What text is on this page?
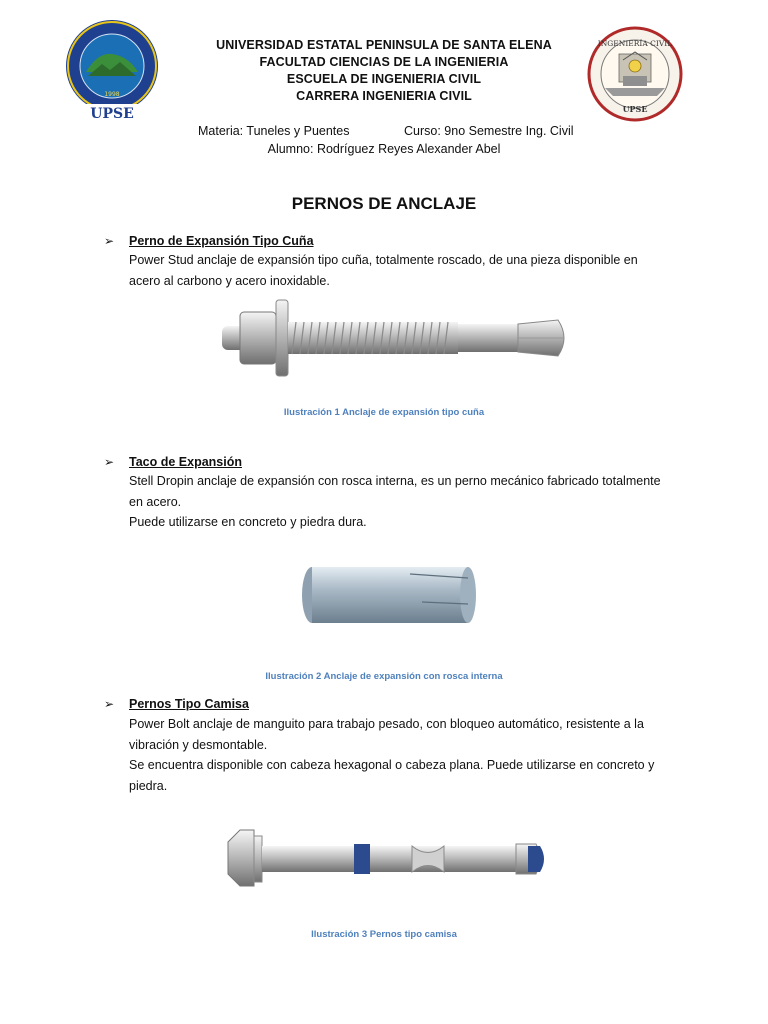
1998
UPSE
INGENIERÍA CIVIL
UPSE
UNIVERSIDAD ESTATAL PENINSULA DE SANTA ELENA
FACULTAD CIENCIAS DE LA INGENIERIA
ESCUELA DE INGENIERIA CIVIL
CARRERA INGENIERIA CIVIL
Materia: Tuneles y Puentes	Curso: 9no Semestre Ing. Civil
Alumno: Rodríguez Reyes Alexander Abel
PERNOS DE ANCLAJE
➢ Perno de Expansión Tipo Cuña

Power Stud anclaje de expansión tipo cuña, totalmente roscado, de una pieza disponible en acero al carbono y acero inoxidable.

Ilustración 1 Anclaje de expansión tipo cuña
➢ Taco de Expansión

Stell Dropin anclaje de expansión con rosca interna, es un perno mecánico fabricado totalmente en acero.

Puede utilizarse en concreto y piedra dura.

Ilustración 2 Anclaje de expansión con rosca interna
➢ Pernos Tipo Camisa

Power Bolt anclaje de manguito para trabajo pesado, con bloqueo automático, resistente a la vibración y desmontable.

Se encuentra disponible con cabeza hexagonal o cabeza plana. Puede utilizarse en concreto y piedra.

Ilustración 3 Pernos tipo camisa
